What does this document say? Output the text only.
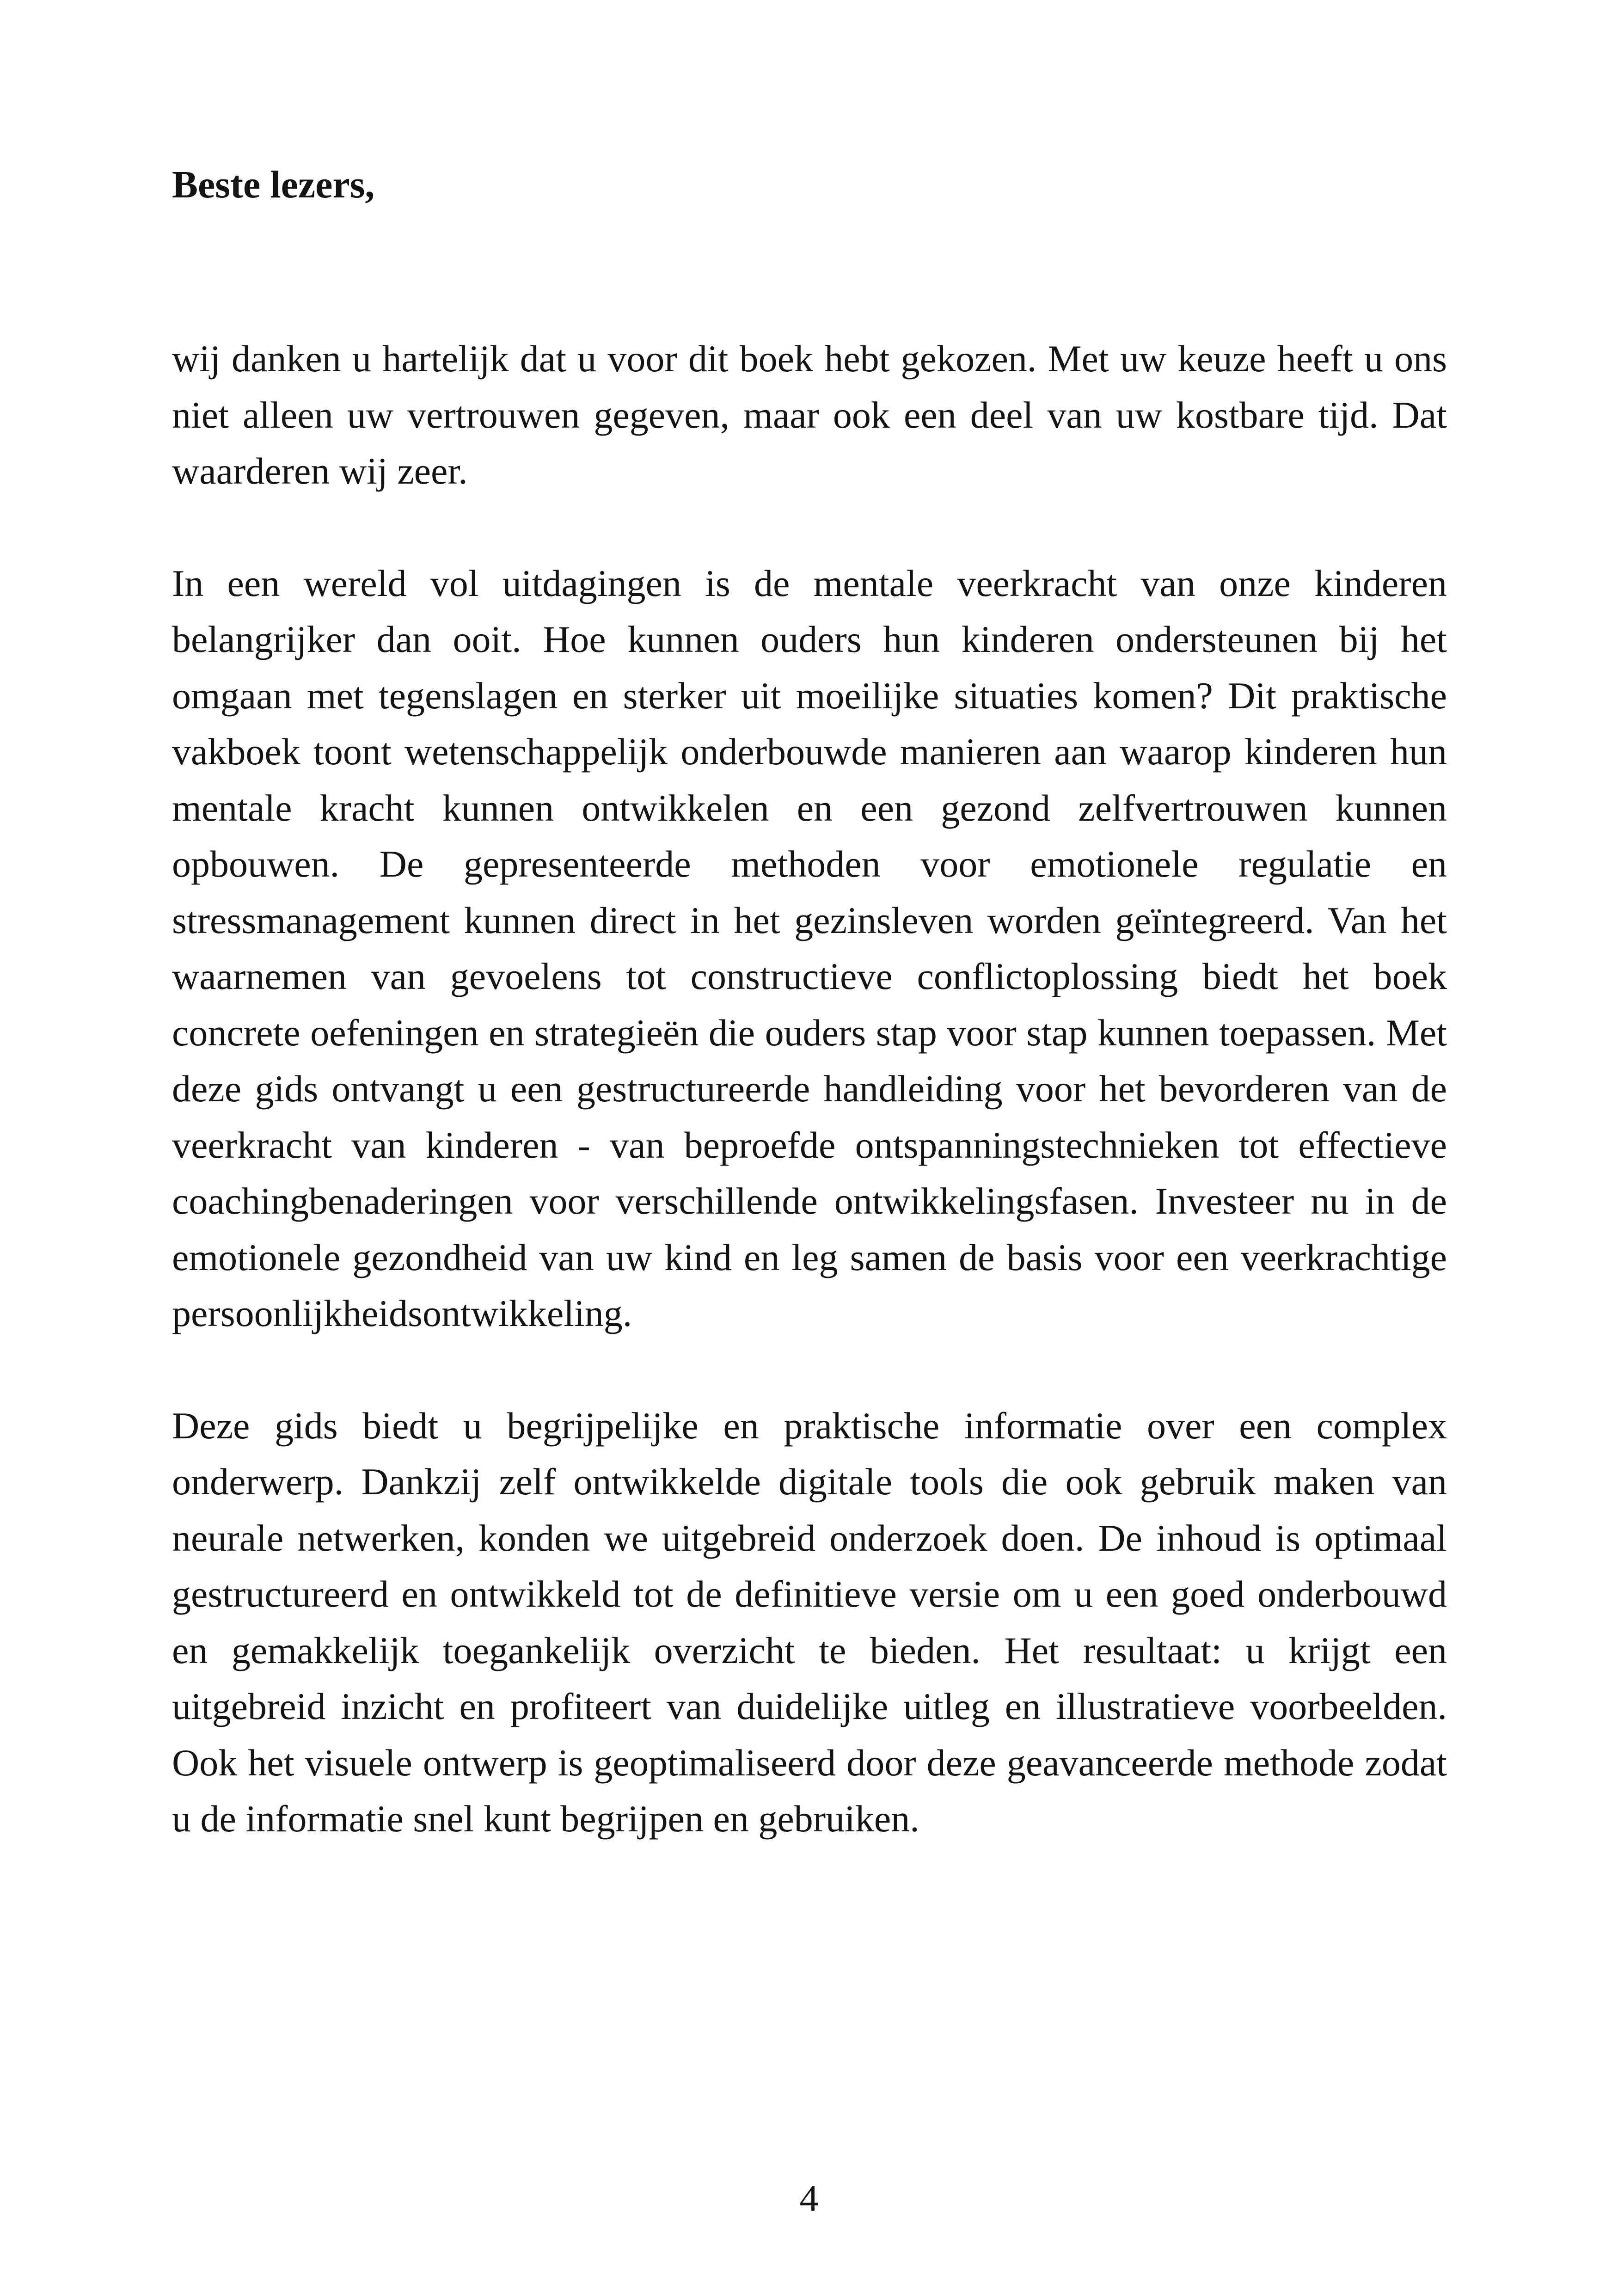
Beste lezers,

wij danken u hartelijk dat u voor dit boek hebt gekozen. Met uw keuze heeft u ons niet alleen uw vertrouwen gegeven, maar ook een deel van uw kostbare tijd. Dat waarderen wij zeer.

In een wereld vol uitdagingen is de mentale veerkracht van onze kinderen belangrijker dan ooit. Hoe kunnen ouders hun kinderen ondersteunen bij het omgaan met tegenslagen en sterker uit moeilijke situaties komen? Dit praktische vakboek toont wetenschappelijk onderbouwde manieren aan waarop kinderen hun mentale kracht kunnen ontwikkelen en een gezond zelfvertrouwen kunnen opbouwen. De gepresenteerde methoden voor emotionele regulatie en stressmanagement kunnen direct in het gezinsleven worden geïntegreerd. Van het waarnemen van gevoelens tot constructieve conflictoplossing biedt het boek concrete oefeningen en strategieën die ouders stap voor stap kunnen toepassen. Met deze gids ontvangt u een gestructureerde handleiding voor het bevorderen van de veerkracht van kinderen - van beproefde ontspanningstechnieken tot effectieve coachingbenaderingen voor verschillende ontwikkelingsfasen. Investeer nu in de emotionele gezondheid van uw kind en leg samen de basis voor een veerkrachtige persoonlijkheidsontwikkeling.

Deze gids biedt u begrijpelijke en praktische informatie over een complex onderwerp. Dankzij zelf ontwikkelde digitale tools die ook gebruik maken van neurale netwerken, konden we uitgebreid onderzoek doen. De inhoud is optimaal gestructureerd en ontwikkeld tot de definitieve versie om u een goed onderbouwd en gemakkelijk toegankelijk overzicht te bieden. Het resultaat: u krijgt een uitgebreid inzicht en profiteert van duidelijke uitleg en illustratieve voorbeelden. Ook het visuele ontwerp is geoptimaliseerd door deze geavanceerde methode zodat u de informatie snel kunt begrijpen en gebruiken.

4
